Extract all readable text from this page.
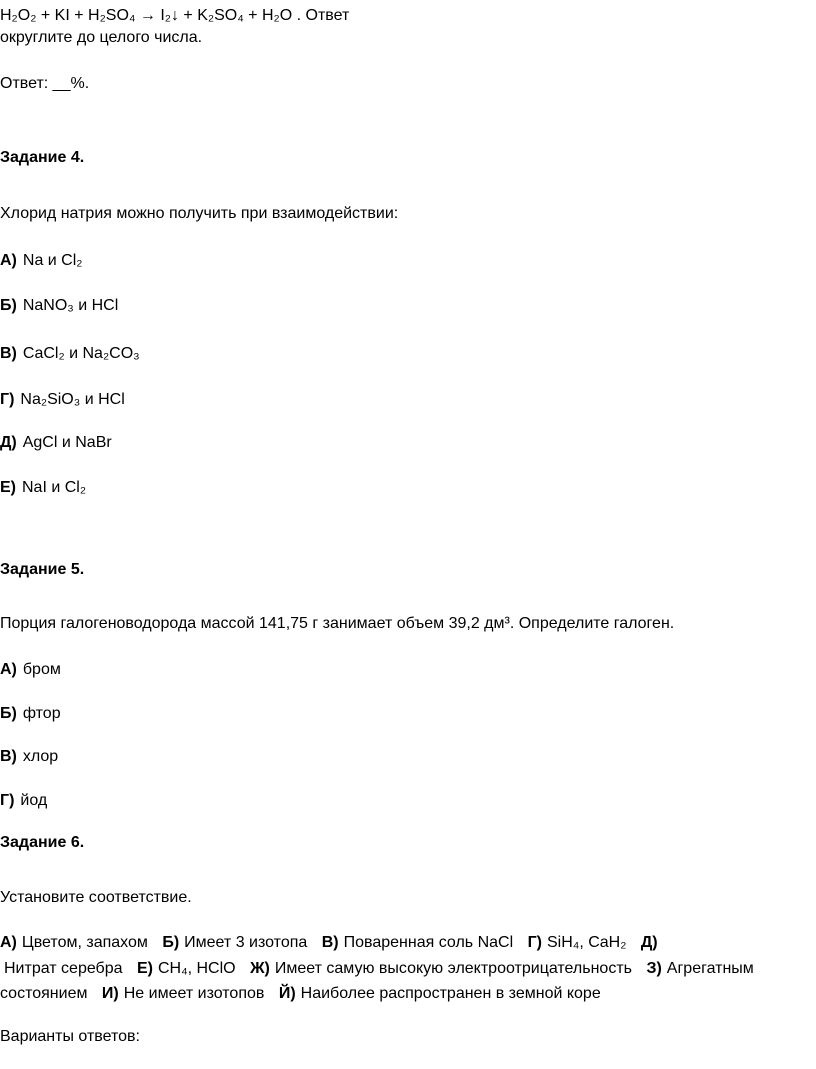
H₂O₂ + KI + H₂SO₄ → I₂↓ + K₂SO₄ + H₂O . Ответ
округлите до целого числа.
Ответ: __%.
Задание 4.
Хлорид натрия можно получить при взаимодействии:
А) Na и Cl₂
Б) NaNO₃ и HCl
В) CaCl₂ и Na₂CO₃
Г) Na₂SiO₃ и HCl
Д) AgCl и NaBr
Е) NaI и Cl₂
Задание 5.
Порция галогеноводорода массой 141,75 г занимает объем 39,2 дм³. Определите галоген.
А) бром
Б) фтор
В) хлор
Г) йод
Задание 6.
Установите соответствие.
А) Цветом, запахом Б) Имеет 3 изотопа В) Поваренная соль NaCl Г) SiH₄, CaH₂ Д)
Нитрат серебра Е) CH₄, HClO Ж) Имеет самую высокую электроотрицательность З) Агрегатным
состоянием И) Не имеет изотопов Й) Наиболее распространен в земной коре
Варианты ответов:
